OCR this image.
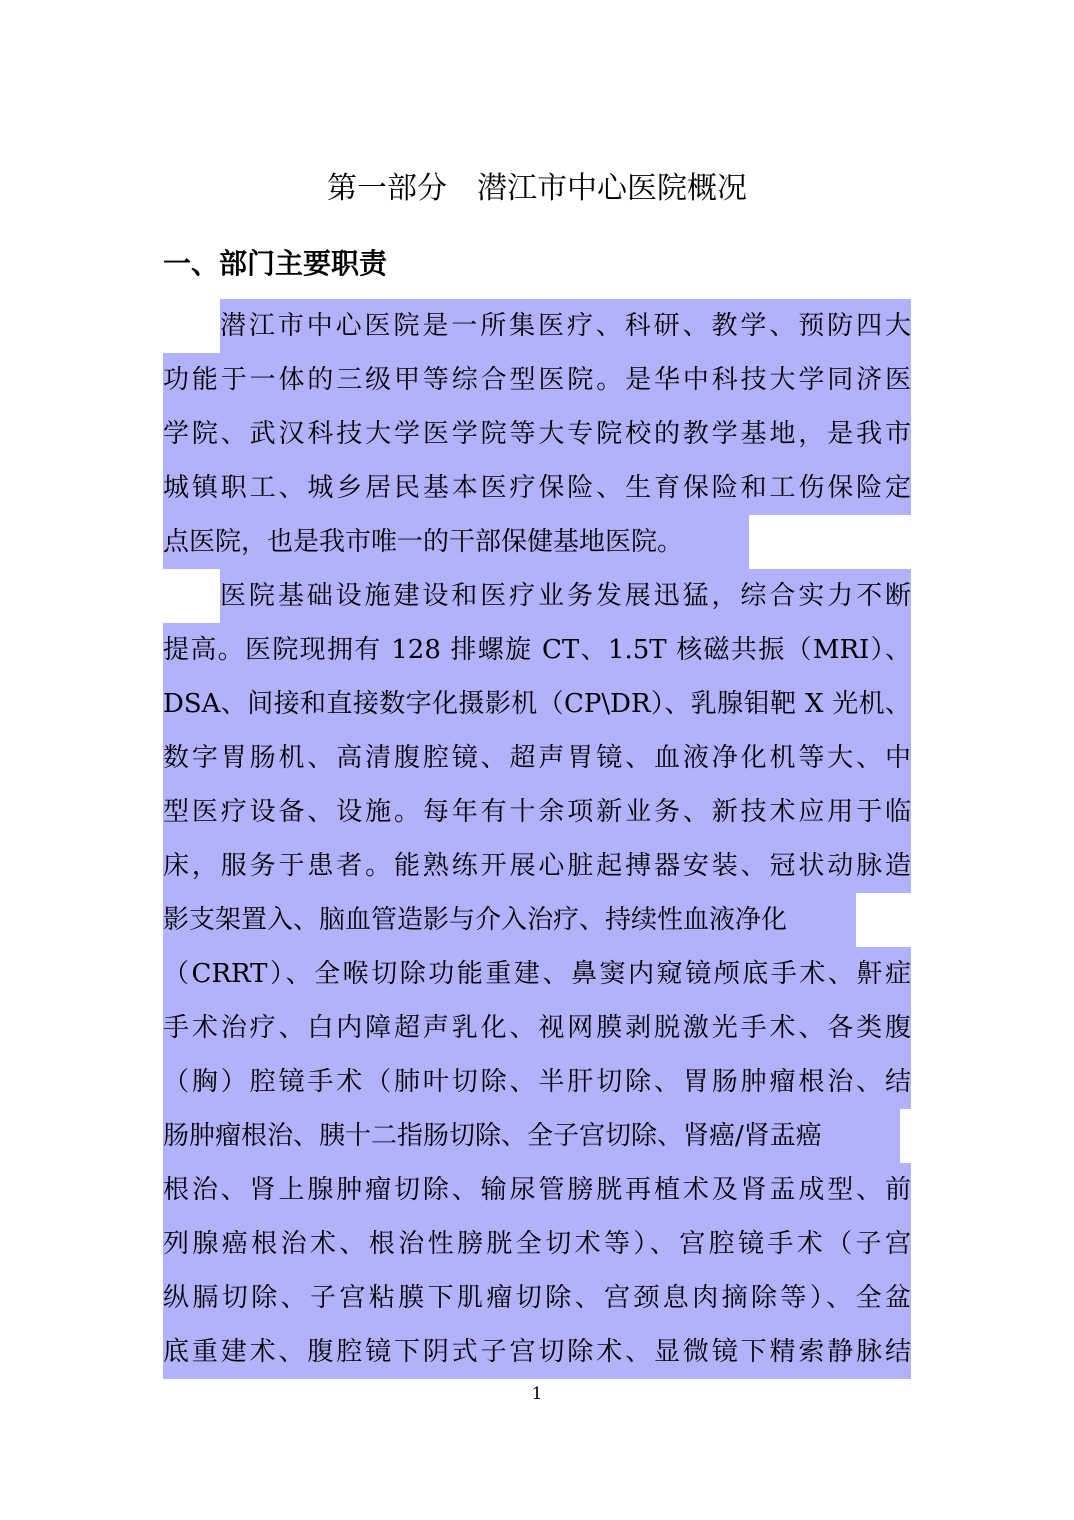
第一部分　潜江市中心医院概况
一、部门主要职责
潜江市中心医院是一所集医疗、科研、教学、预防四大
功能于一体的三级甲等综合型医院。是华中科技大学同济医
学院、武汉科技大学医学院等大专院校的教学基地，是我市
城镇职工、城乡居民基本医疗保险、生育保险和工伤保险定
点医院，也是我市唯一的干部保健基地医院。
医院基础设施建设和医疗业务发展迅猛，综合实力不断
提高。医院现拥有 128 排螺旋 CT、1.5T 核磁共振（MRI）、
DSA、间接和直接数字化摄影机（CP\DR）、乳腺钼靶 X 光机、
数字胃肠机、高清腹腔镜、超声胃镜、血液净化机等大、中
型医疗设备、设施。每年有十余项新业务、新技术应用于临
床，服务于患者。能熟练开展心脏起搏器安装、冠状动脉造
影支架置入、脑血管造影与介入治疗、持续性血液净化
（CRRT）、全喉切除功能重建、鼻窦内窥镜颅底手术、鼾症
手术治疗、白内障超声乳化、视网膜剥脱激光手术、各类腹
（胸）腔镜手术（肺叶切除、半肝切除、胃肠肿瘤根治、结
肠肿瘤根治、胰十二指肠切除、全子宫切除、肾癌/肾盂癌
根治、肾上腺肿瘤切除、输尿管膀胱再植术及肾盂成型、前
列腺癌根治术、根治性膀胱全切术等）、宫腔镜手术（子宫
纵膈切除、子宫粘膜下肌瘤切除、宫颈息肉摘除等）、全盆
底重建术、腹腔镜下阴式子宫切除术、显微镜下精索静脉结
1
